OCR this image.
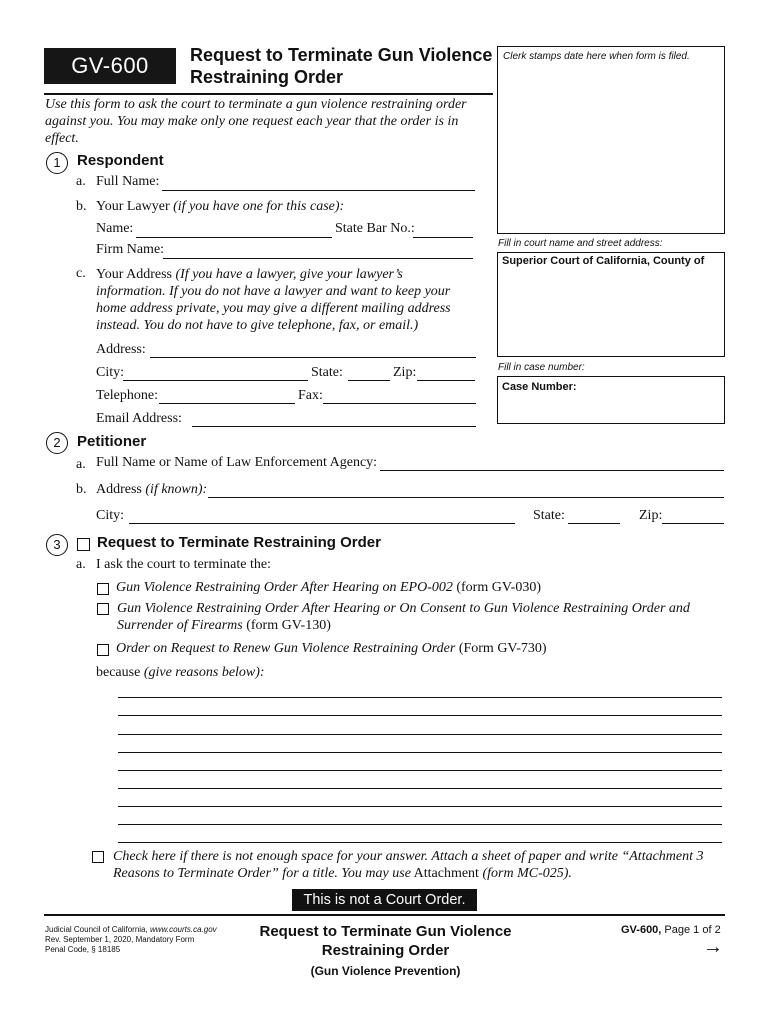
GV-600	Request to Terminate Gun Violence
Restraining Order
Use this form to ask the court to terminate a gun violence restraining order
against you. You may make only one request each year that the order is in
effect.
Clerk stamps date here when form is filed.
Fill in court name and street address:
Superior Court of California, County of
Fill in case number:
Case Number:
1	Respondent
a. Full Name:
b. Your Lawyer (if you have one for this case):
Name:	State Bar No.:
Firm Name:
c. Your Address (If you have a lawyer, give your lawyer’s
information. If you do not have a lawyer and want to keep your
home address private, you may give a different mailing address
instead. You do not have to give telephone, fax, or email.)
Address:
City:	State:	Zip:
Telephone:	Fax:
Email Address:
2	Petitioner
a. Full Name or Name of Law Enforcement Agency:
b. Address (if known):
City:	State:	Zip:
3	Request to Terminate Restraining Order
a. I ask the court to terminate the:
Gun Violence Restraining Order After Hearing on EPO-002 (form GV-030)
Gun Violence Restraining Order After Hearing or On Consent to Gun Violence Restraining Order and
Surrender of Firearms (form GV-130)
Order on Request to Renew Gun Violence Restraining Order (Form GV-730)
because (give reasons below):
Check here if there is not enough space for your answer. Attach a sheet of paper and write “Attachment 3
Reasons to Terminate Order” for a title. You may use Attachment (form MC-025).
This is not a Court Order.
Judicial Council of California, www.courts.ca.gov
Rev. September 1, 2020, Mandatory Form
Penal Code, § 18185
Request to Terminate Gun Violence
Restraining Order
(Gun Violence Prevention)
GV-600, Page 1 of 2
→
